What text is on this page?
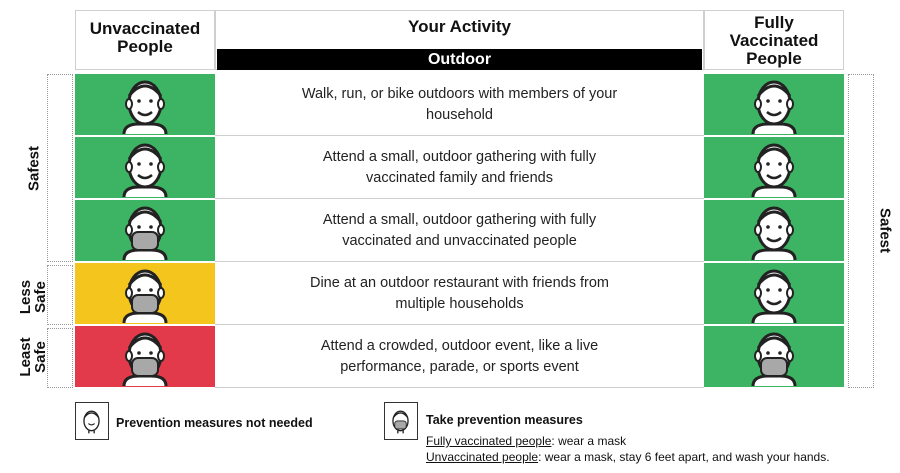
Unvaccinated People
Your Activity
Outdoor
Fully Vaccinated People
Safest
Less Safe
Least Safe
Safest
Walk, run, or bike outdoors with members of your household
Attend a small, outdoor gathering with fully vaccinated family and friends
Attend a small, outdoor gathering with fully vaccinated and unvaccinated people
Dine at an outdoor restaurant with friends from multiple households
Attend a crowded, outdoor event, like a live performance, parade, or sports event
Prevention measures not needed	Take prevention measures
Fully vaccinated people: wear a mask
Unvaccinated people: wear a mask, stay 6 feet apart, and wash your hands.
